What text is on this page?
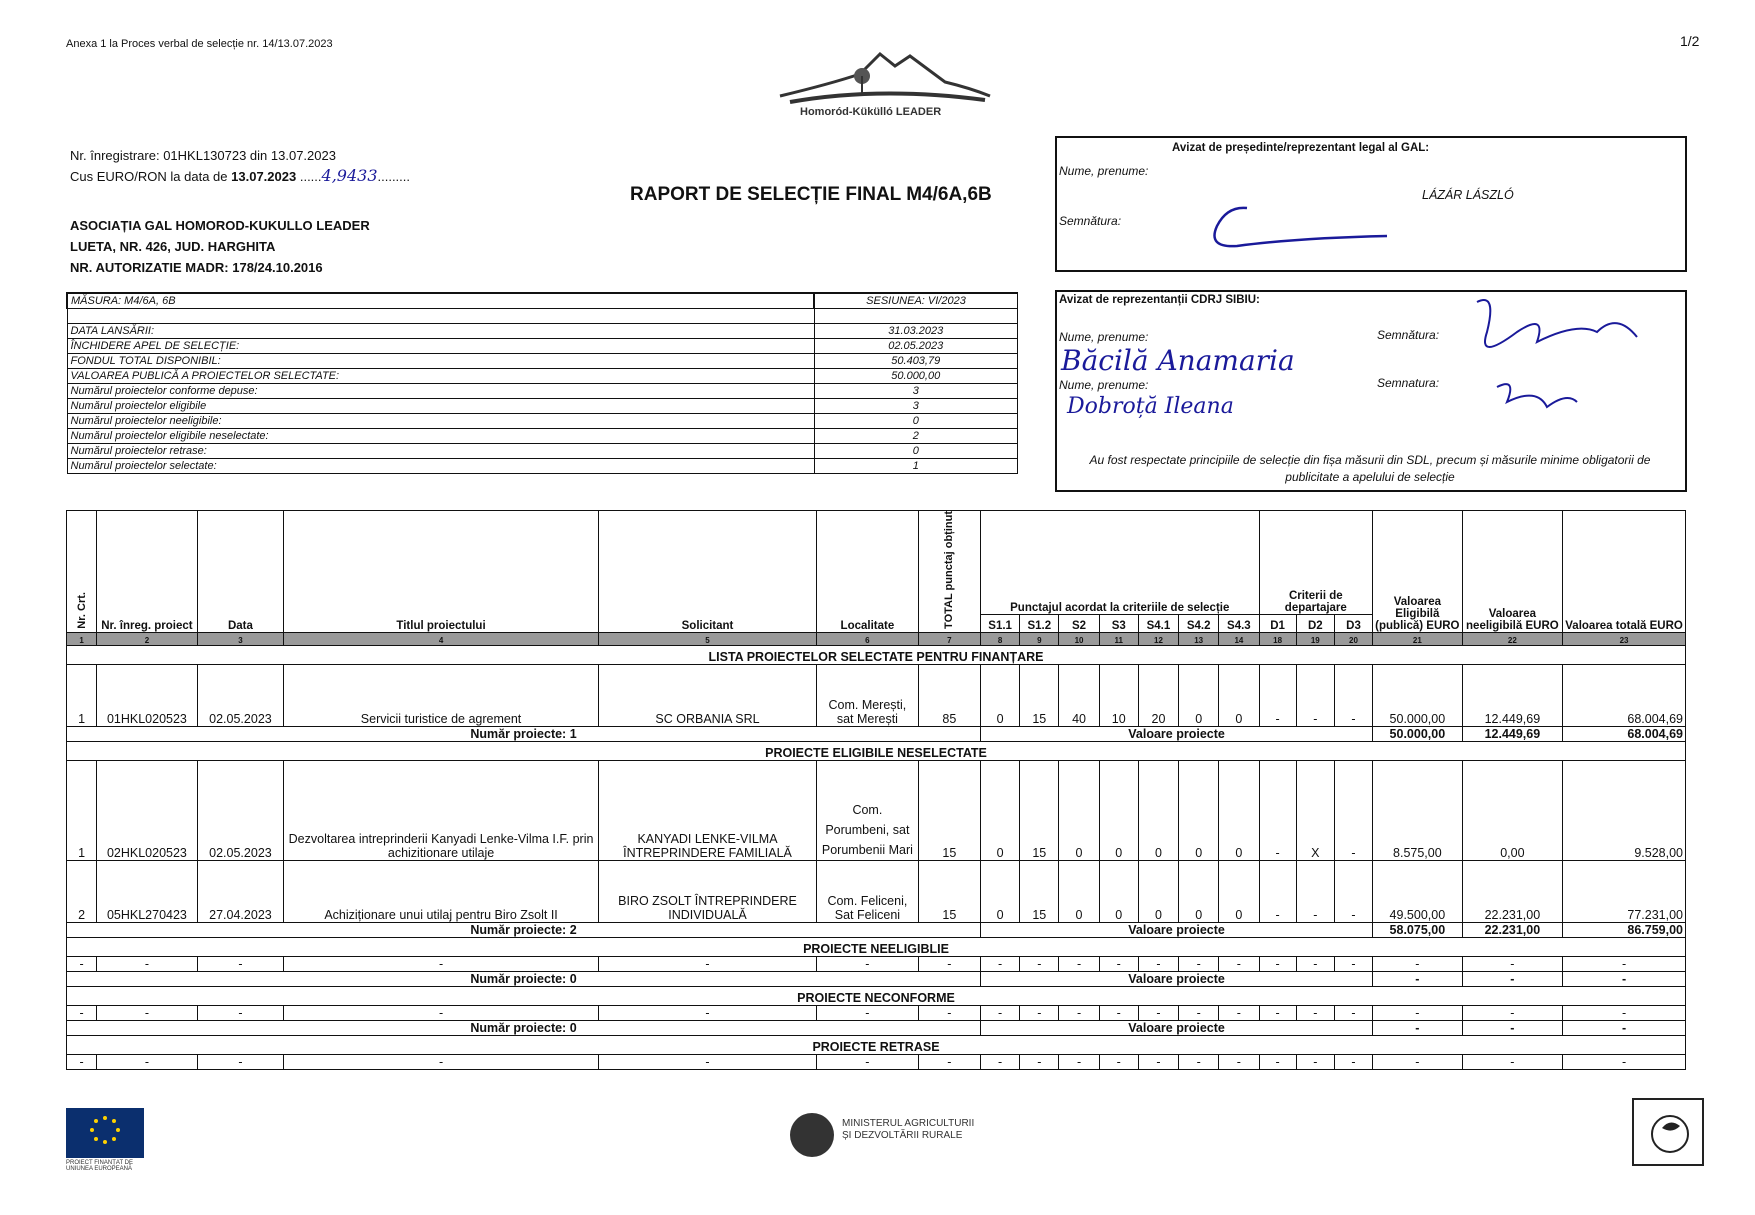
Anexa 1 la Proces verbal de selecție nr. 14/13.07.2023	1/2
Homoród-Kükülló LEADER
Nr. înregistrare: 01HKL130723 din 13.07.2023
Cus EURO/RON la data de 13.07.2023 ......4,9433.........
ASOCIAȚIA GAL HOMOROD-KUKULLO LEADER
LUETA, NR. 426, JUD. HARGHITA
NR. AUTORIZATIE MADR: 178/24.10.2016
RAPORT DE SELECȚIE FINAL M4/6A,6B
Avizat de președinte/reprezentant legal al GAL:
Nume, prenume:
LÁZÁR LÁSZLÓ
Semnătura:
Avizat de reprezentanții CDRJ SIBIU:
Nume, prenume:
Băcilă Anamaria
Semnătura:
Nume, prenume:
Dobroță Ileana
Semnatura:
Au fost respectate principiile de selecție din fișa măsurii din SDL, precum și măsurile minime obligatorii de publicitate a apelului de selecție
MĂSURA: M4/6A, 6B	SESIUNEA: VI/2023

DATA LANSĂRII:	31.03.2023
ÎNCHIDERE APEL DE SELECȚIE:	02.05.2023
FONDUL TOTAL DISPONIBIL:	50.403,79
VALOAREA PUBLICĂ A PROIECTELOR SELECTATE:	50.000,00
Numărul proiectelor conforme depuse:	3
Numărul proiectelor eligibile	3
Numărul proiectelor neeligibile:	0
Numărul proiectelor eligibile neselectate:	2
Numărul proiectelor retrase:	0
Numărul proiectelor selectate:	1
Nr. Crt.	Nr. înreg. proiect	Data	Titlul proiectului	Solicitant	Localitate	TOTAL punctaj obținut	Punctajul acordat la criteriile de selecție							Criterii de departajare			Valoarea Eligibilă (publică) EURO	Valoarea neeligibilă EURO	Valoarea totală EURO
							S1.1	S1.2	S2	S3	S4.1	S4.2	S4.3	D1	D2	D3			
1	2	3	4	5	6	7	8	9	10	11	12	13	14	18	19	20	21	22	23
LISTA PROIECTELOR SELECTATE PENTRU FINANȚARE																			
1	01HKL020523	02.05.2023	Servicii turistice de agrement	SC ORBANIA SRL	Com. Merești, sat Merești	85	0	15	40	10	20	0	0	-	-	-	50.000,00	12.449,69	68.004,69
Număr proiecte: 1							Valoare proiecte										50.000,00	12.449,69	68.004,69
PROIECTE ELIGIBILE NESELECTATE																			
1	02HKL020523	02.05.2023	Dezvoltarea intreprinderii Kanyadi Lenke-Vilma I.F. prin achizitionare utilaje	KANYADI LENKE-VILMA ÎNTREPRINDERE FAMILIALĂ	Com. Porumbeni, sat Porumbenii Mari	15	0	15	0	0	0	0	0	-	X	-	8.575,00	0,00	9.528,00
2	05HKL270423	27.04.2023	Achiziționare unui utilaj pentru Biro Zsolt II	BIRO ZSOLT ÎNTREPRINDERE INDIVIDUALĂ	Com. Feliceni, Sat Feliceni	15	0	15	0	0	0	0	0	-	-	-	49.500,00	22.231,00	77.231,00
Număr proiecte: 2							Valoare proiecte										58.075,00	22.231,00	86.759,00
PROIECTE NEELIGIBLIE																			
-	-	-	-	-	-	-	-	-	-	-	-	-	-	-	-	-	-	-	-
Număr proiecte: 0							Valoare proiecte										-	-	-
PROIECTE NECONFORME																			
-	-	-	-	-	-	-	-	-	-	-	-	-	-	-	-	-	-	-	-
Număr proiecte: 0							Valoare proiecte										-	-	-
PROIECTE RETRASE																			
-	-	-	-	-	-	-	-	-	-	-	-	-	-	-	-	-	-	-	-
PROIECT FINANȚAT DE UNIUNEA EUROPEANĂ
MINISTERUL AGRICULTURII
ȘI DEZVOLTĂRII RURALE
